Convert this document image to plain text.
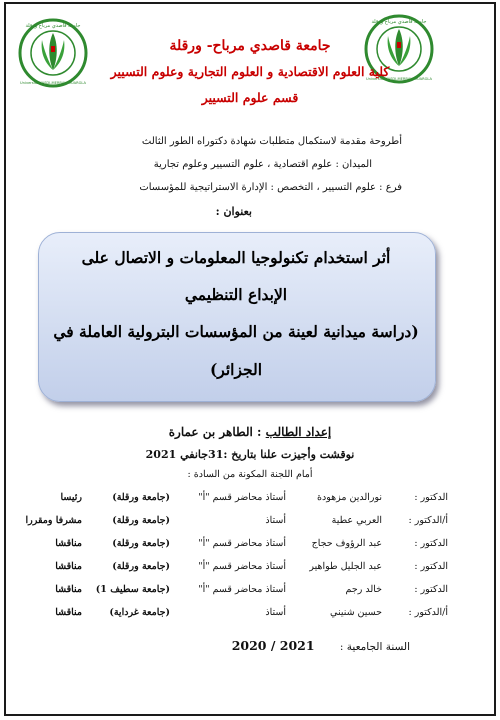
جامعة قاصدي مرباح ورقلة
Université KASDI-MERBAH OUARGLA
جامعة قاصدي مرباح ورقلة
Université KASDI-MERBAH OUARGLA
جامعة قاصدي مرباح- ورقلة
كلية العلوم الاقتصادية و العلوم التجارية وعلوم التسيير
قسم علوم التسيير
أطروحة مقدمة لاستكمال متطلبات شهادة دكتوراه الطور الثالث
الميدان : علوم اقتصادية ، علوم التسيير وعلوم تجارية
فرع : علوم التسيير ، التخصص : الإدارة الاستراتيجية للمؤسسات
بعنوان :
أثر استخدام تكنولوجيا المعلومات و الاتصال على
الإبداع التنظيمي
(دراسة ميدانية لعينة من المؤسسات البترولية العاملة في
الجزائر)
إعداد الطالب : الطاهر بن عمارة
نوقشت وأجيزت علنا بتاريخ :31جانفي 2021
أمام اللجنة المكونة من السادة :
الدكتور :
نورالدين مزهودة
أستاذ محاضر قسم "أ"
(جامعة ورقلة)
رئيسا
أ/الدكتور :
العربي عطية
أستاذ
(جامعة ورقلة)
مشرفا ومقررا
الدكتور :
عبد الرؤوف حجاج
أستاذ محاضر قسم "أ"
(جامعة ورقلة)
مناقشا
الدكتور :
عبد الجليل طواهير
أستاذ محاضر قسم "أ"
(جامعة ورقلة)
مناقشا
الدكتور :
خالد رجم
أستاذ محاضر قسم "أ"
(جامعة سطيف 1)
مناقشا
أ/الدكتور :
حسين شنيني
أستاذ
(جامعة غرداية)
مناقشا
السنة الجامعية : 2021 / 2020
